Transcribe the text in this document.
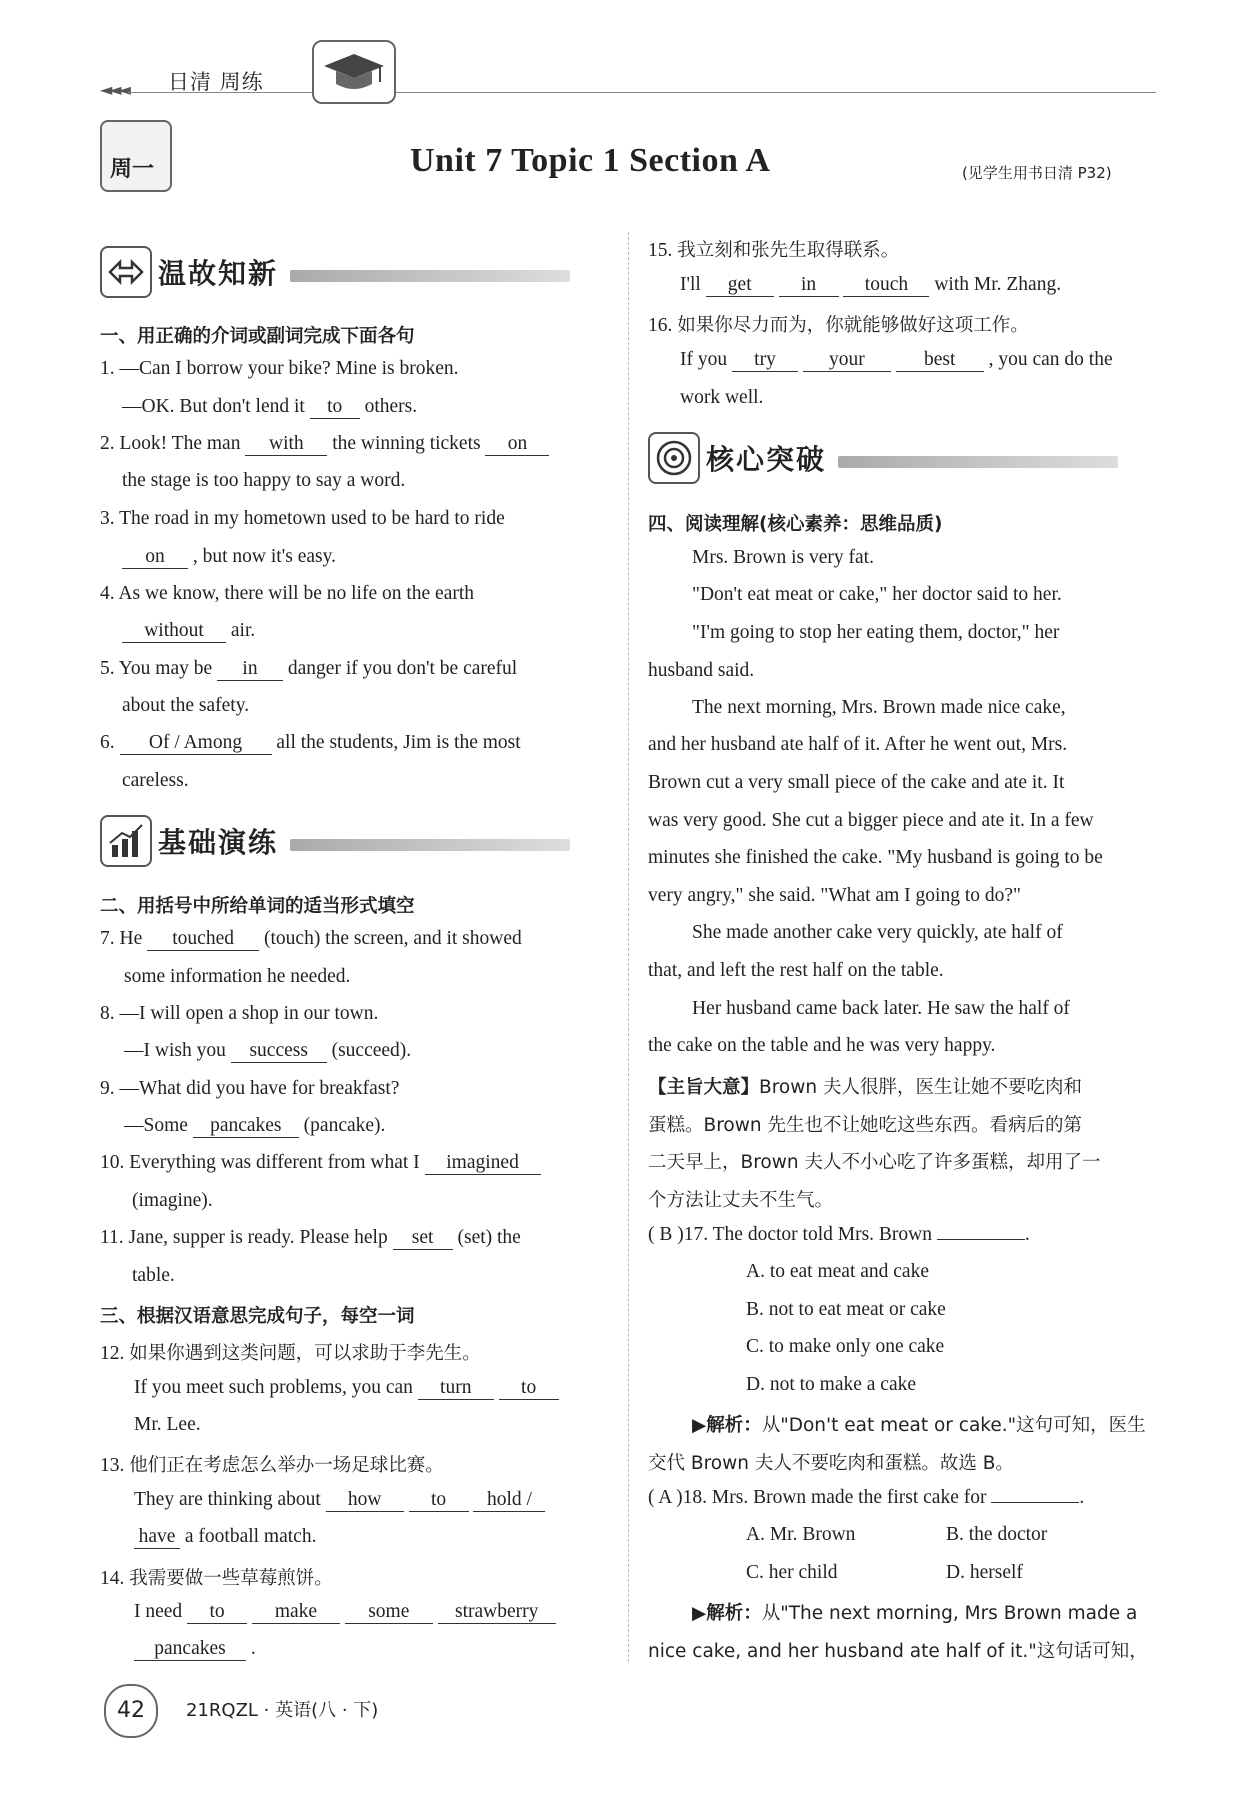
◄◄◄ 日清 周练
周一	Unit 7 Topic 1 Section A	(见学生用书日清 P32)
温故知新
一、用正确的介词或副词完成下面各句
1. —Can I borrow your bike? Mine is broken.
—OK. But don't lend it to others.
2. Look! The man with the winning tickets on
the stage is too happy to say a word.
3. The road in my hometown used to be hard to ride
on , but now it's easy.
4. As we know, there will be no life on the earth
without air.
5. You may be in danger if you don't be careful
about the safety.
6. Of / Among all the students, Jim is the most
careless.
基础演练
二、用括号中所给单词的适当形式填空
7. He touched (touch) the screen, and it showed
some information he needed.
8. —I will open a shop in our town.
—I wish you success (succeed).
9. —What did you have for breakfast?
—Some pancakes (pancake).
10. Everything was different from what I imagined
(imagine).
11. Jane, supper is ready. Please help set (set) the
table.
三、根据汉语意思完成句子，每空一词
12. 如果你遇到这类问题，可以求助于李先生。
If you meet such problems, you can turn	to
Mr. Lee.
13. 他们正在考虑怎么举办一场足球比赛。
They are thinking about how	to hold /
have a football match.
14. 我需要做一些草莓煎饼。
I need to	make	some strawberry
pancakes .
15. 我立刻和张先生取得联系。
I'll get	in touch with Mr. Zhang.
16. 如果你尽力而为，你就能够做好这项工作。
If you try	your	best , you can do the
work well.
核心突破
四、阅读理解(核心素养：思维品质)
Mrs. Brown is very fat.
"Don't eat meat or cake," her doctor said to her.
"I'm going to stop her eating them, doctor," her
husband said.
The next morning, Mrs. Brown made nice cake,
and her husband ate half of it. After he went out, Mrs.
Brown cut a very small piece of the cake and ate it. It
was very good. She cut a bigger piece and ate it. In a few
minutes she finished the cake. "My husband is going to be
very angry," she said. "What am I going to do?"
She made another cake very quickly, ate half of
that, and left the rest half on the table.
Her husband came back later. He saw the half of
the cake on the table and he was very happy.
【主旨大意】Brown 夫人很胖，医生让她不要吃肉和
蛋糕。Brown 先生也不让她吃这些东西。看病后的第
二天早上，Brown 夫人不小心吃了许多蛋糕，却用了一
个方法让丈夫不生气。
( B )17. The doctor told Mrs. Brown	.
A. to eat meat and cake
B. not to eat meat or cake
C. to make only one cake
D. not to make a cake
▶解析：从"Don't eat meat or cake."这句可知，医生
交代 Brown 夫人不要吃肉和蛋糕。故选 B。
( A )18. Mrs. Brown made the first cake for	.
A. Mr. Brown	B. the doctor
C. her child	D. herself
▶解析：从"The next morning, Mrs Brown made a
nice cake, and her husband ate half of it."这句话可知，
42	21RQZL · 英语(八 · 下)
